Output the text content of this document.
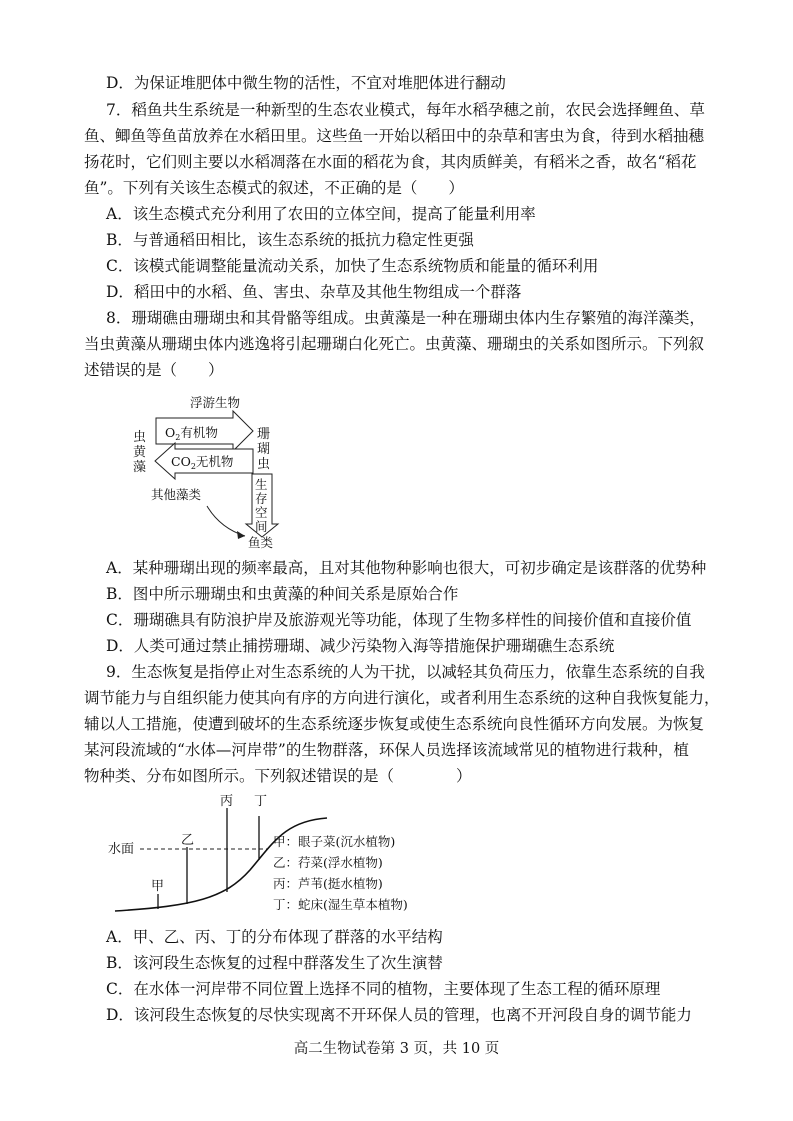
D．为保证堆肥体中微生物的活性，不宜对堆肥体进行翻动
7．稻鱼共生系统是一种新型的生态农业模式，每年水稻孕穗之前，农民会选择鲤鱼、草
鱼、鲫鱼等鱼苗放养在水稻田里。这些鱼一开始以稻田中的杂草和害虫为食，待到水稻抽穗
扬花时，它们则主要以水稻凋落在水面的稻花为食，其肉质鲜美，有稻米之香，故名“稻花
鱼”。下列有关该生态模式的叙述，不正确的是（　　）
A．该生态模式充分利用了农田的立体空间，提高了能量利用率
B．与普通稻田相比，该生态系统的抵抗力稳定性更强
C．该模式能调整能量流动关系，加快了生态系统物质和能量的循环利用
D．稻田中的水稻、鱼、害虫、杂草及其他生物组成一个群落
8．珊瑚礁由珊瑚虫和其骨骼等组成。虫黄藻是一种在珊瑚虫体内生存繁殖的海洋藻类，
当虫黄藻从珊瑚虫体内逃逸将引起珊瑚白化死亡。虫黄藻、珊瑚虫的关系如图所示。下列叙
述错误的是（　　）
浮游生物
虫
黄
藻
珊
瑚
虫
$O_2$有机物
$CO_2$无机物
生
存
空
间
其他藻类
鱼类
A．某种珊瑚出现的频率最高，且对其他物种影响也很大，可初步确定是该群落的优势种
B．图中所示珊瑚虫和虫黄藻的种间关系是原始合作
C．珊瑚礁具有防浪护岸及旅游观光等功能，体现了生物多样性的间接价值和直接价值
D．人类可通过禁止捕捞珊瑚、减少污染物入海等措施保护珊瑚礁生态系统
9．生态恢复是指停止对生态系统的人为干扰，以减轻其负荷压力，依靠生态系统的自我
调节能力与自组织能力使其向有序的方向进行演化，或者利用生态系统的这种自我恢复能力，
辅以人工措施，使遭到破坏的生态系统逐步恢复或使生态系统向良性循环方向发展。为恢复
某河段流域的“水体—河岸带”的生物群落，环保人员选择该流域常见的植物进行栽种，植
物种类、分布如图所示。下列叙述错误的是（　　　　）
水面
甲
乙
丙 丁
甲：眼子菜(沉水植物)
乙：荇菜(浮水植物)
丙：芦苇(挺水植物)
丁：蛇床(湿生草本植物)
A．甲、乙、丙、丁的分布体现了群落的水平结构
B．该河段生态恢复的过程中群落发生了次生演替
C．在水体一河岸带不同位置上选择不同的植物，主要体现了生态工程的循环原理
D．该河段生态恢复的尽快实现离不开环保人员的管理，也离不开河段自身的调节能力
高二生物试卷第 3 页，共 10 页
